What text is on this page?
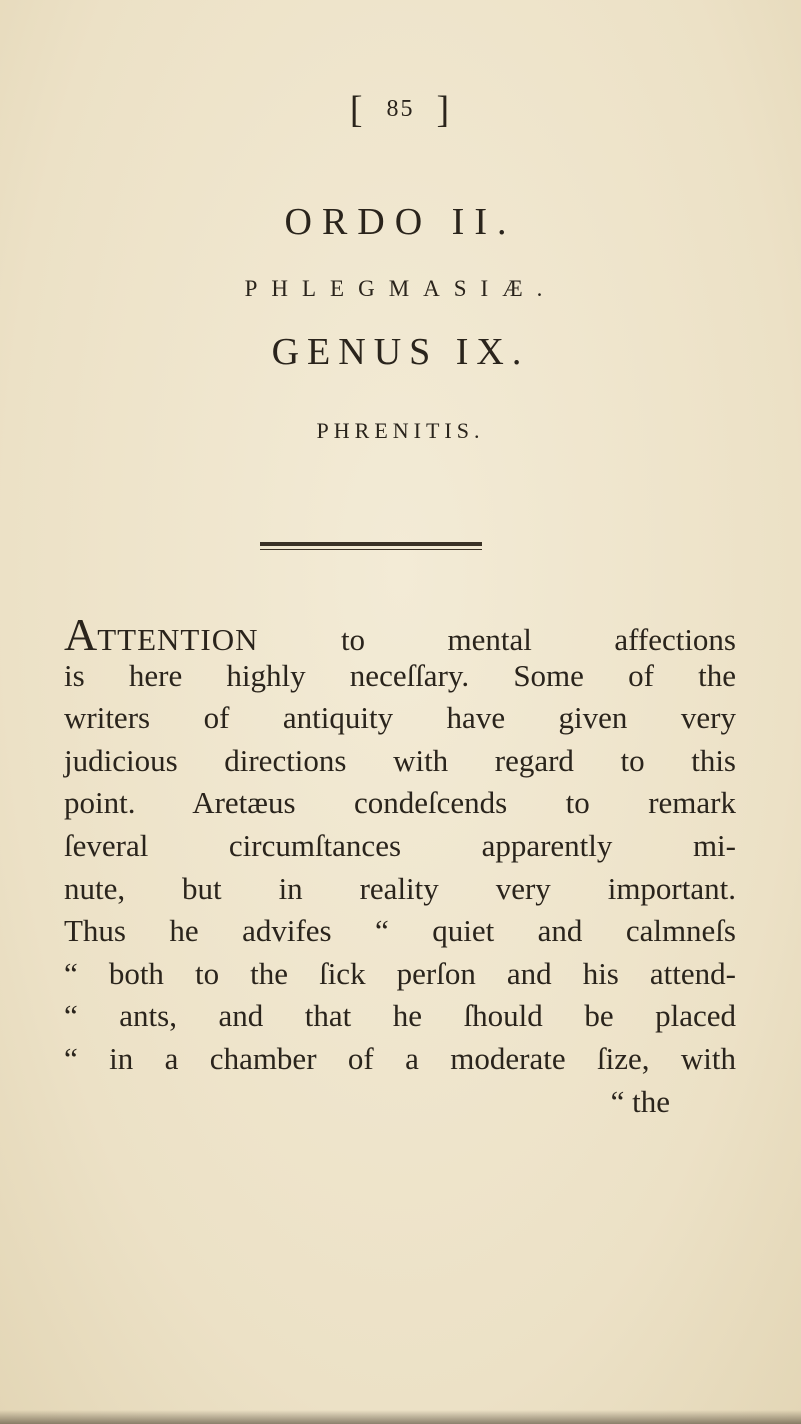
[ 85 ]
ORDO II.
PHLEGMASIÆ.
GENUS IX.
PHRENITIS.
ATTENTION to mental affections
is here highly neceſſary. Some of the
writers of antiquity have given very
judicious directions with regard to this
point. Aretæus condeſcends to remark
ſeveral circumſtances apparently mi-
nute, but in reality very important.
Thus he advifes “ quiet and calmneſs
“ both to the ſick perſon and his attend-
“ ants, and that he ſhould be placed
“ in a chamber of a moderate ſize, with
“ the
